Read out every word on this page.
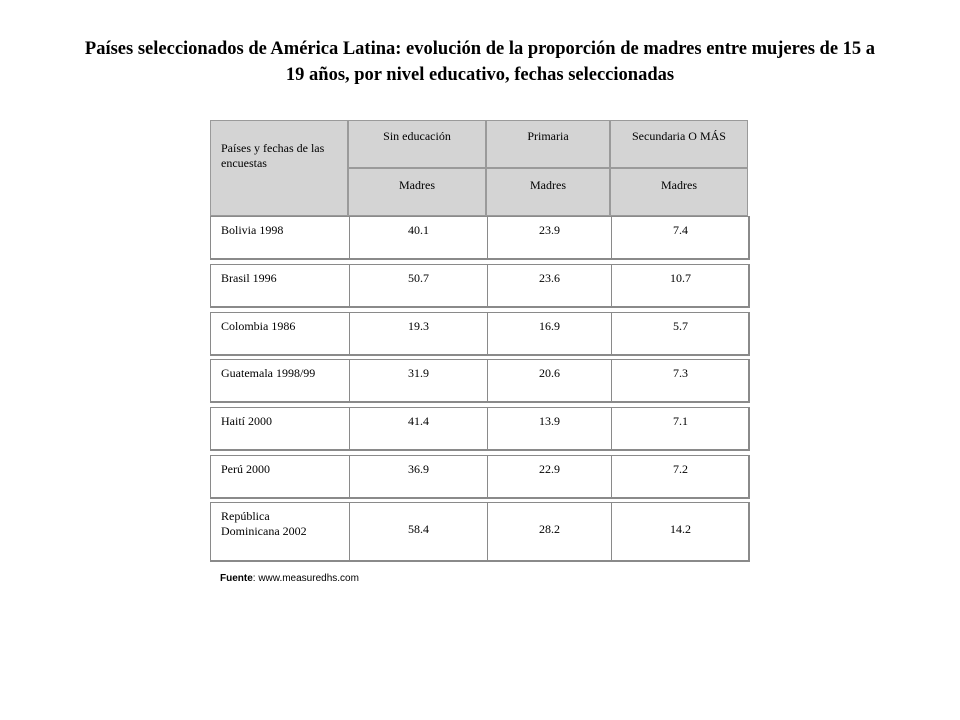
Países seleccionados de América Latina: evolución de la proporción de madres entre mujeres de 15 a 19 años, por nivel educativo, fechas seleccionadas
Países y fechas de las encuestas
Sin educación	Primaria	Secundaria O MÁS
Madres	Madres	Madres
Bolivia 1998	40.1	23.9	7.4
Brasil 1996	50.7	23.6	10.7
Colombia 1986	19.3	16.9	5.7
Guatemala 1998/99	31.9	20.6	7.3
Haití 2000	41.4	13.9	7.1
Perú 2000	36.9	22.9	7.2
República Dominicana 2002	58.4	28.2	14.2
Fuente: www.measuredhs.com
